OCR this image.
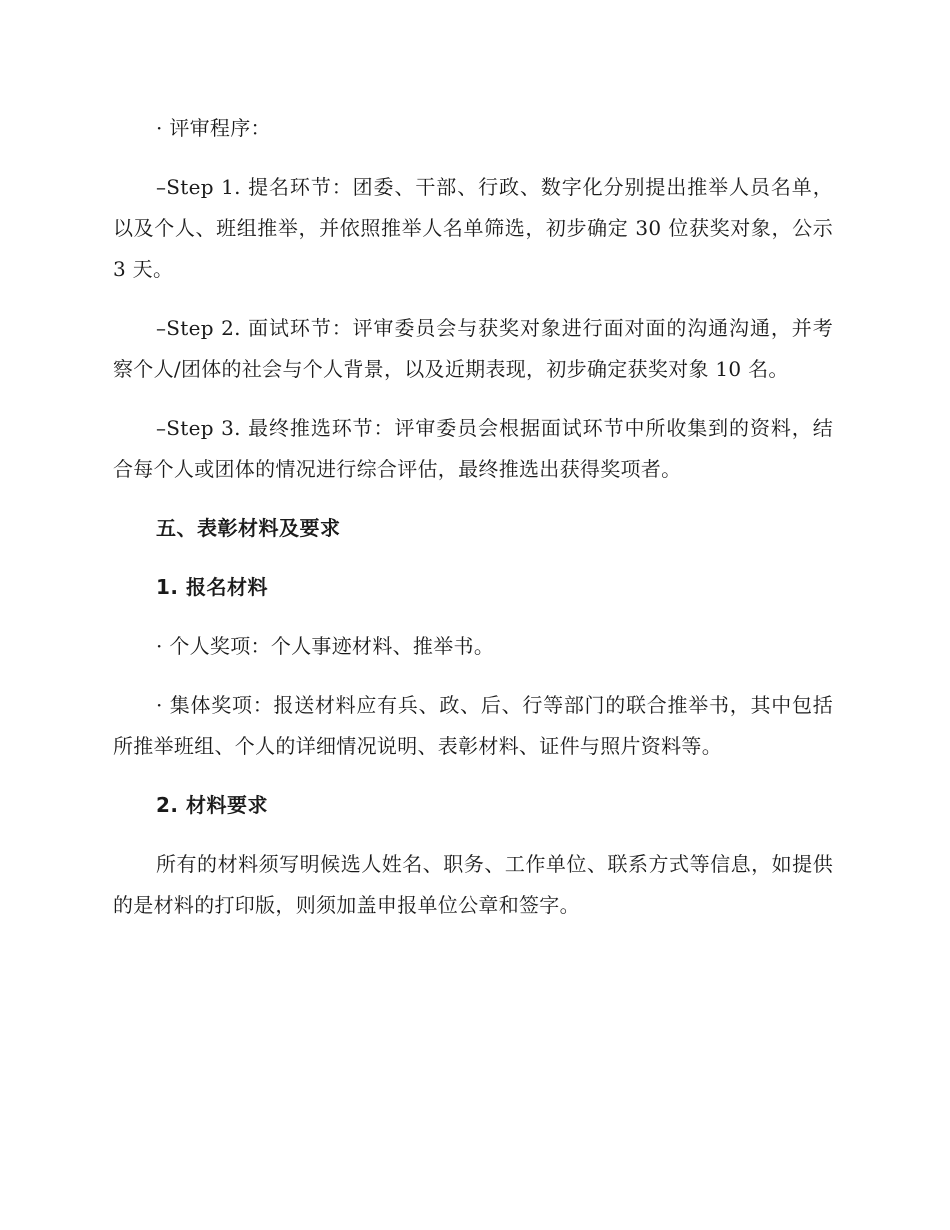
· 评审程序：

–Step 1. 提名环节：团委、干部、行政、数字化分别提出推举人员名单，以及个人、班组推举，并依照推举人名单筛选，初步确定 30 位获奖对象，公示 3 天。

–Step 2. 面试环节：评审委员会与获奖对象进行面对面的沟通沟通，并考察个人/团体的社会与个人背景，以及近期表现，初步确定获奖对象 10 名。

–Step 3. 最终推选环节：评审委员会根据面试环节中所收集到的资料，结合每个人或团体的情况进行综合评估，最终推选出获得奖项者。

五、表彰材料及要求

1. 报名材料

· 个人奖项：个人事迹材料、推举书。

· 集体奖项：报送材料应有兵、政、后、行等部门的联合推举书，其中包括所推举班组、个人的详细情况说明、表彰材料、证件与照片资料等。

2. 材料要求

所有的材料须写明候选人姓名、职务、工作单位、联系方式等信息，如提供的是材料的打印版，则须加盖申报单位公章和签字。
